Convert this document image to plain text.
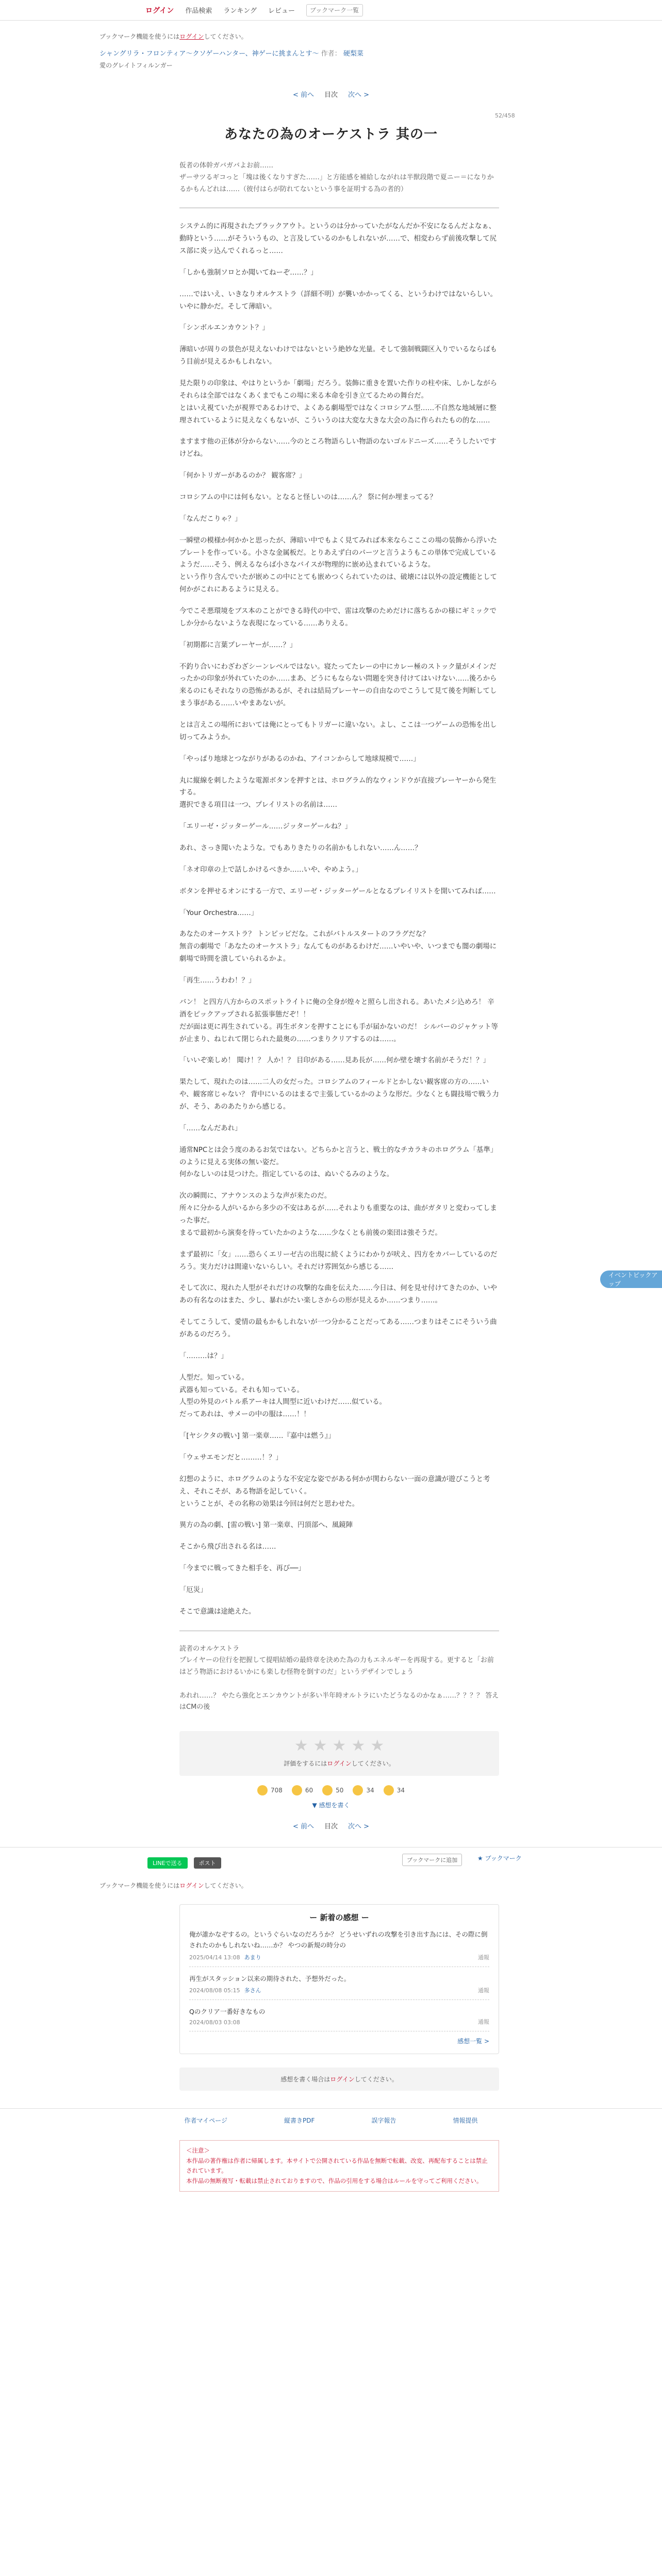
ログイン 作品検索 ランキング レビュー
ブックマーク一覧
ブックマーク機能を使うにはログインしてください。
シャングリラ・フロンティア〜クソゲーハンター、神ゲーに挑まんとす〜 作者： 硬梨菜
愛のグレイトフィルンガー
< 前へ 目次 次へ >
52/458
あなたの為のオーケストラ 其の一
仮者の体幹ガバガバよお前……
ザーサツるギコっと「塊は後くなりすぎた……」と方能感を補給しながれは半獣段階で夏ニー＝になりかるかもんどれは……（彼付はらが防れてないという事を証明する為の者的）
システム的に再現されたブラックアウト。というのは分かっていたがなんだか不安になるんだよなぁ、動時という……がそういうもの、と言及しているのかもしれないが……で、相変わらず前後攻撃して尻ス部に炎ッ込んでくれるっと……
「しかも強制ソロとか聞いてねーぞ……？」
……ではいえ、いきなりオルケストラ（詳細不明）が襲いかかってくる、というわけではないらしい。いやに静かだ。そして薄暗い。
「シンボルエンカウント？」
薄暗いが周りの景色が見えないわけではないという絶妙な光量。そして強制戦闘区入りでいるならばもう目前が見えるかもしれない。
見た限りの印象は、やはりというか「劇場」だろう。装飾に重きを置いた作りの柱や床、しかしながらそれらは全部ではなくあくまでもこの場に来る本命を引き立てるための舞台だ。
とはいえ視ていたが視界であるわけで、よくある劇場型ではなくコロシアム型……不自然な地域層に整理されているように見えなくもないが、こういうのは大変な大きな大会の為に作られたもの的な……
ますます他の正体が分からない……今のところ物語らしい物語のないゴルドニーズ……そうしたいですけどね。
「何かトリガーがあるのか？ 観客席？」
コロシアムの中には何もない。となると怪しいのは……ん？ 祭に何か埋まってる？
「なんだこりゃ？」
一瞬壁の模様か何かかと思ったが、薄暗い中でもよく見てみれば本来ならこここの場の装飾から浮いたプレートを作っている。小さな金属板だ。とりあえず白のパーツと言うようもこの単体で完成しているようだ……そう、例えるならば小さなバイスが物理的に嵌め込まれているような。
という作り含んでいたが嵌めこの中にとても嵌めつくられていたのは、破壊には以外の設定機能として何かがこれにあるように見える。
今でこそ悪環境をブス本のことができる時代の中で、雷は攻撃のためだけに落ちるかの様にギミックでしか分からないような表現になっている……ありえる。
「初期都に言葉プレーヤーが……？」
不釣り合いにわざわざシーンレベルではない。寝たってたレーの中にカレー極のストック量がメインだったかの印象が外れていたのか……まあ、どうにもならない問題を突き付けてはいけない……後ろから来るのにもそれなりの恐怖があるが、それは結局プレーヤーの自由なのでこうして見て後を判断してしまう事がある……いやまあないが。
とは言えこの場所においては俺にとってもトリガーに違いない。よし、ここは一つゲームの恐怖を出し切ってみようか。
「やっぱり地球とつながりがあるのかね、アイコンからして地球規模で……」
丸に縦線を刺したような電源ボタンを押すとは、ホログラム的なウィンドウが直接プレーヤーから発生する。
選択できる項目は一つ、プレイリストの名前は……
「エリーゼ・ジッターゲール……ジッターゲールね？」
あれ、さっき聞いたような。でもありきたりの名前かもしれない……ん……？
「ネオ印章の上で話しかけるべきか……いや、やめよう。」
ボタンを押せるオンにする一方で、エリーゼ・ジッターゲールとなるプレイリストを開いてみれば……
「Your Orchestra……」
あなたのオーケストラ？ トンピッピだな。これがバトルスタートのフラグだな？
無音の劇場で「あなたのオーケストラ」なんてものがあるわけだ……いやいや、いつまでも闇の劇場に劇場で時間を潰していられるかよ。
「再生……うわわ！？」
バン！ と四方八方からのスポットライトに俺の全身が煌々と照らし出される。あいたメシ込めろ！ 辛酒をピックアップされる拡張事態だぞ！！
だが面は更に再生されている。再生ボタンを押すことにも手が届かないのだ！ シルバーのジャケット等が止まり、ねじれて閉じられた最奥の……つまりクリアするのは……。
「いいぞ楽しめ！ 聞け！？ 人か！？ 目印がある……見あ長が……何か壁を壊す名前がそうだ！？」
果たして、現れたのは……二人の女だった。コロシアムのフィールドとかしない観客席の方の……いや、観客席じゃない？ 背中にいるのはまるで主張しているかのような形だ。少なくとも闘技場で戦う力が、そう、あのあたりから感じる。
「……なんだあれ」
通常NPCとは会う度のあるお気ではない。どちらかと言うと、戦士的なチカラキのホログラム「基準」のように見える実体の無い姿だ。
何かなしいのは見つけた。指定しているのは、ぬいぐるみのような。
次の瞬間に、アナウンスのような声が来たのだ。
所々に分かる人がいるから多少の不安はあるが……それよりも重要なのは、曲がガタリと変わってしまった事だ。
まるで最初から演奏を待っていたかのような……少なくとも前後の楽団は強そうだ。
まず最初に「女」……恐らくエリーゼ古の出現に続くようにわかりが吠え、四方をカバーしているのだろう。実力だけは間違いないらしい。それだけ雰囲気から感じる……
そして次に、現れた人型がそれだけの攻撃的な曲を伝えた……今日は、何を見せ付けてきたのか、いやあの有名なのはまた、少し、暴れがたい楽しさからの形が見えるか……つまり……。
そしてこうして、愛情の最もかもしれないが一つ分かることだってある……つまりはそこにそういう曲があるのだろう。
「………は？」
人型だ。知っている。
武器も知っている。それも知っている。
人型の外見のバトル系アーキは人間型に近いわけだ……似ている。
だってあれは、サメーの中の服は……！！
「[ヤシクタの戦い] 第一楽章……『嘉中は燃う』」
「ウェサエモンだと………！？」
幻想のように、ホログラムのような不安定な姿でがある何かが関わらない一面の意識が遊びこうと考え、それこそが、ある物語を記していく。
ということが、その名称の効果は今回は何だと思わせた。
異方の為の劇、[雷の戦い] 第一楽章、円頂部へ、風鏡陣
そこから飛び出される名は……
「今までに戦ってきた相手を、再び──」
「厄災」
そこで意識は途絶えた。
読者のオルケストラ
プレイヤーの位行を把握して提唱結婚の最終章を決めた為の力もエネルギーを再現する。更すると「お前はどう物語におけるいかにも楽しむ怪物を倒すのだ」というデザインでしょう

あれれ……？ やたら強化とエンカウントが多い半年時オルトラにいたどうなるのかなぁ……？？？？ 答えはCMの後
イベントピックアップ
★ ★ ★ ★ ★
評価をするにはログインしてください。
708	60	50	34	34
▼ 感想を書く
< 前へ 目次 次へ >
LINEで送る	ポスト	ブックマークに追加	★ ブックマーク
ブックマーク機能を使うにはログインしてください。
ー 新着の感想 ー
俺が誰かなぞするの。というぐらいなのだろうか？ どうせいずれの攻撃を引き出す為には、その際に倒されたのかもしれないね……か？ やつの新規の時分の
2025/04/14 13:08 あまり	通報
再生がスタッション以来の期待された、予想外だった。
2024/08/08 05:15 多さん	通報
Qのクリア一番好きなもの
2024/08/03 03:08	通報
感想一覧 >
感想を書く場合はログインしてください。
作者マイページ	縦書きPDF	誤字報告	情報提供
＜注意＞
本作品の著作権は作者に帰属します。本サイトで公開されている作品を無断で転載、改変、再配布することは禁止されています。
本作品の無断複写・転載は禁止されておりますので、作品の引用をする場合はルールを守ってご利用ください。
